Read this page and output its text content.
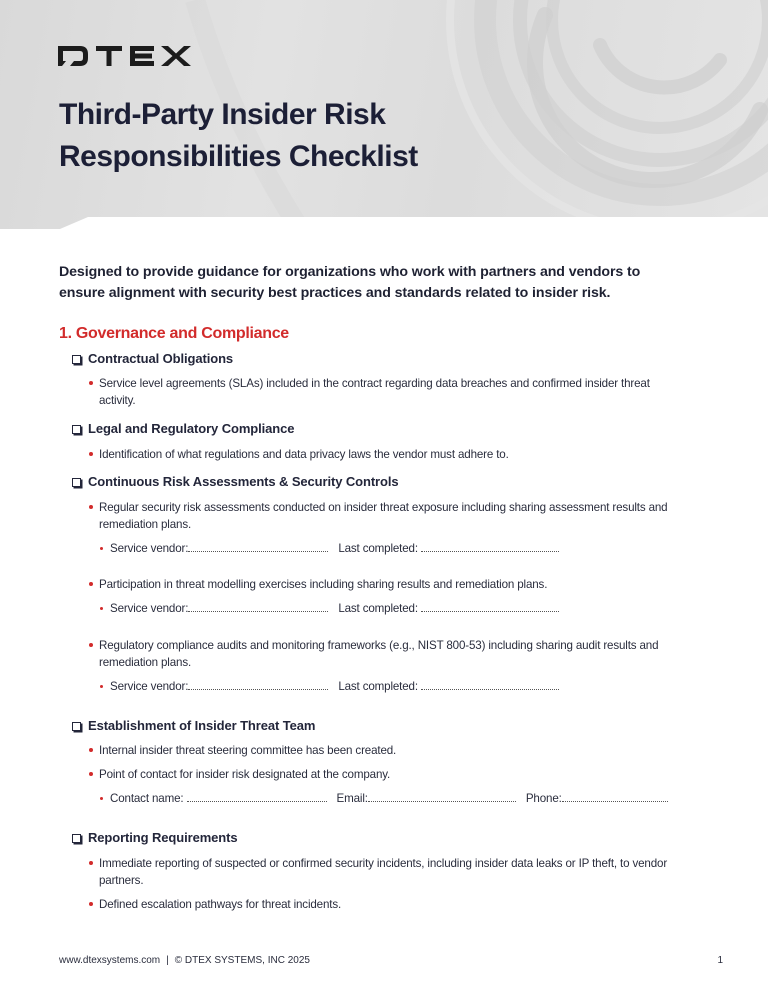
Third-Party Insider Risk
Responsibilities Checklist
Designed to provide guidance for organizations who work with partners and vendors to ensure alignment with security best practices and standards related to insider risk.
1. Governance and Compliance
Contractual Obligations
Service level agreements (SLAs) included in the contract regarding data breaches and confirmed insider threat activity.
Legal and Regulatory Compliance
Identification of what regulations and data privacy laws the vendor must adhere to.
Continuous Risk Assessments & Security Controls
Regular security risk assessments conducted on insider threat exposure including sharing assessment results and remediation plans.
Service vendor:	Last completed:
Participation in threat modelling exercises including sharing results and remediation plans.
Service vendor:	Last completed:
Regulatory compliance audits and monitoring frameworks (e.g., NIST 800-53) including sharing audit results and remediation plans.
Service vendor:	Last completed:
Establishment of Insider Threat Team
Internal insider threat steering committee has been created.
Point of contact for insider risk designated at the company.
Contact name:	Email:	Phone:
Reporting Requirements
Immediate reporting of suspected or confirmed security incidents, including insider data leaks or IP theft, to vendor partners.
Defined escalation pathways for threat incidents.
www.dtexsystems.com | © DTEX SYSTEMS, INC 2025	1
